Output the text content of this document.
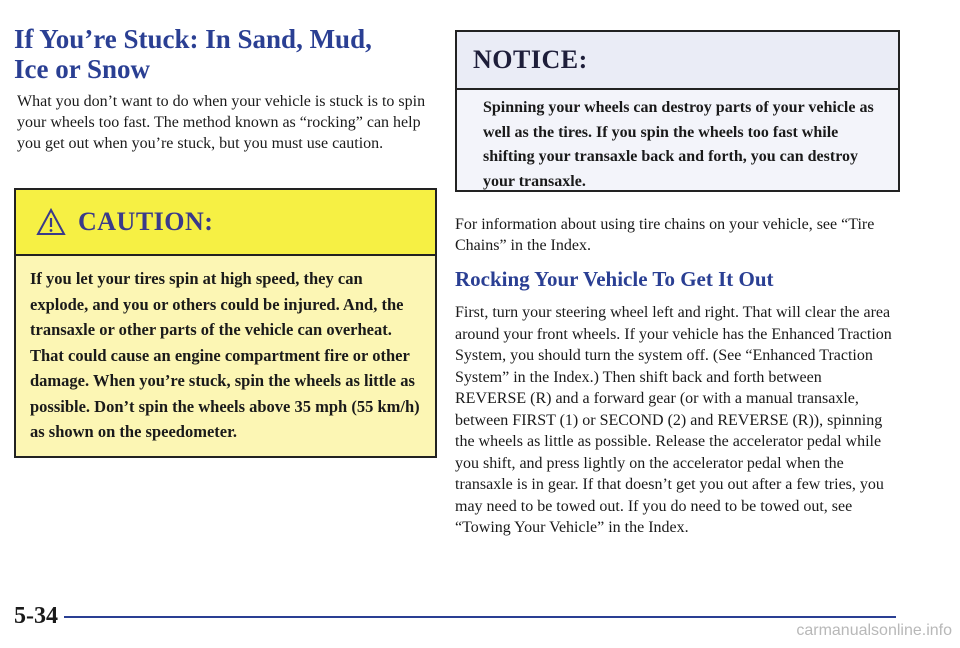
If You’re Stuck: In Sand, Mud,
Ice or Snow

What you don’t want to do when your vehicle is stuck is to spin your wheels too fast. The method known as “rocking” can help you get out when you’re stuck, but you must use caution.

CAUTION:
If you let your tires spin at high speed, they can explode, and you or others could be injured. And, the transaxle or other parts of the vehicle can overheat. That could cause an engine compartment fire or other damage. When you’re stuck, spin the wheels as little as possible. Don’t spin the wheels above 35 mph (55 km/h) as shown on the speedometer.
NOTICE:
Spinning your wheels can destroy parts of your vehicle as well as the tires. If you spin the wheels too fast while shifting your transaxle back and forth, you can destroy your transaxle.

For information about using tire chains on your vehicle, see “Tire Chains” in the Index.

Rocking Your Vehicle To Get It Out

First, turn your steering wheel left and right. That will clear the area around your front wheels. If your vehicle has the Enhanced Traction System, you should turn the system off. (See “Enhanced Traction System” in the Index.) Then shift back and forth between REVERSE (R) and a forward gear (or with a manual transaxle, between FIRST (1) or SECOND (2) and REVERSE (R)), spinning the wheels as little as possible. Release the accelerator pedal while you shift, and press lightly on the accelerator pedal when the transaxle is in gear. If that doesn’t get you out after a few tries, you may need to be towed out. If you do need to be towed out, see “Towing Your Vehicle” in the Index.

5-34
carmanualsonline.info
